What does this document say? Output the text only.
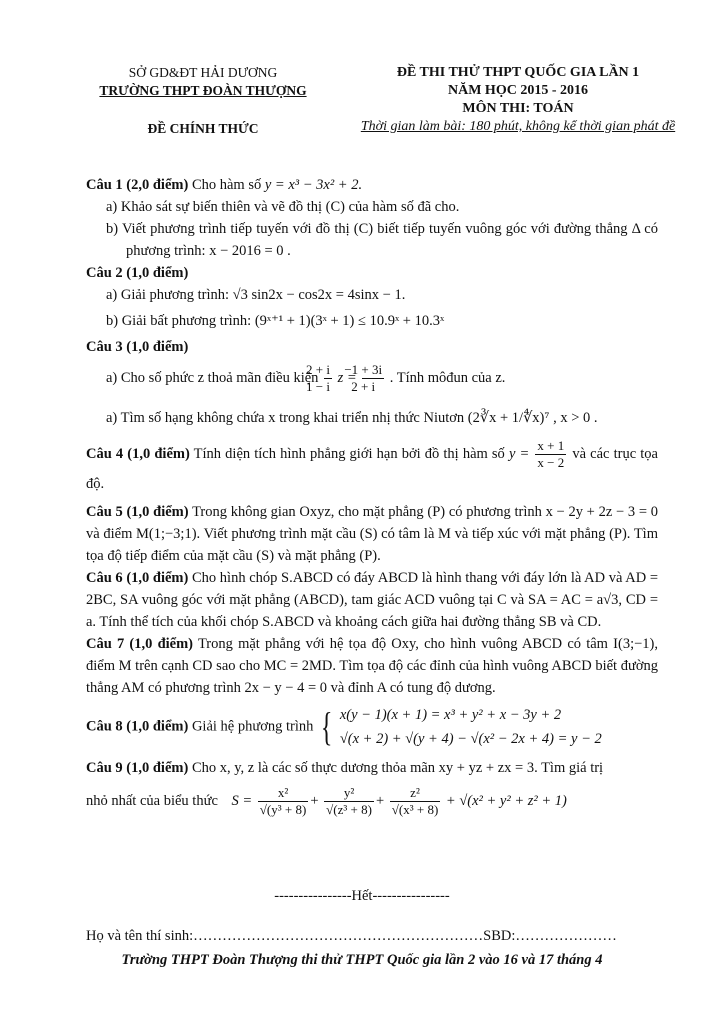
SỞ GD&ĐT HẢI DƯƠNG
TRƯỜNG THPT ĐOÀN THƯỢNG
ĐỀ CHÍNH THỨC
ĐỀ THI THỬ THPT QUỐC GIA LẦN 1
NĂM HỌC 2015 - 2016
MÔN THI: TOÁN
Thời gian làm bài: 180 phút, không kể thời gian phát đề
Câu 1 (2,0 điểm) Cho hàm số y = x³ − 3x² + 2.
a) Khảo sát sự biến thiên và vẽ đồ thị (C) của hàm số đã cho.
b) Viết phương trình tiếp tuyến với đồ thị (C) biết tiếp tuyến vuông góc với đường thẳng Δ có phương trình: x − 2016 = 0 .
Câu 2 (1,0 điểm)
a) Giải phương trình: √3 sin2x − cos2x = 4sinx − 1.
b) Giải bất phương trình: (9ˣ⁺¹ + 1)(3ˣ + 1) ≤ 10.9ˣ + 10.3ˣ
Câu 3 (1,0 điểm)
a) Cho số phức z thoả mãn điều kiện $\frac{2 + i}{1 - i}$ $z = \frac{-1 + 3i}{2 + i}$ . Tính môđun của z.
a) Tìm số hạng không chứa x trong khai triển nhị thức Niutơn (2∛x + 1/∜x)⁷ , x > 0 .
Câu 4 (1,0 điểm) Tính diện tích hình phẳng giới hạn bởi đồ thị hàm số $y = \frac{x + 1}{x - 2}$ và các trục tọa độ.
Câu 5 (1,0 điểm) Trong không gian Oxyz, cho mặt phẳng (P) có phương trình x − 2y + 2z − 3 = 0 và điểm M(1;−3;1). Viết phương trình mặt cầu (S) có tâm là M và tiếp xúc với mặt phẳng (P). Tìm tọa độ tiếp điểm của mặt cầu (S) và mặt phẳng (P).
Câu 6 (1,0 điểm) Cho hình chóp S.ABCD có đáy ABCD là hình thang với đáy lớn là AD và AD = 2BC, SA vuông góc với mặt phẳng (ABCD), tam giác ACD vuông tại C và SA = AC = a√3, CD = a. Tính thể tích của khối chóp S.ABCD và khoảng cách giữa hai đường thẳng SB và CD.
Câu 7 (1,0 điểm) Trong mặt phẳng với hệ tọa độ Oxy, cho hình vuông ABCD có tâm I(3;−1), điểm M trên cạnh CD sao cho MC = 2MD. Tìm tọa độ các đỉnh của hình vuông ABCD biết đường thẳng AM có phương trình 2x − y − 4 = 0 và đỉnh A có tung độ dương.
Câu 8 (1,0 điểm) Giải hệ phương trình { x(y − 1)(x + 1) = x³ + y² + x − 3y + 2
√(x + 2) + √(y + 4) − √(x² − 2x + 4) = y − 2
Câu 9 (1,0 điểm) Cho x, y, z là các số thực dương thỏa mãn xy + yz + zx = 3. Tìm giá trị
nhỏ nhất của biểu thức $S = \frac{\text{x²}}{\text{√(y³ + 8)}} + \frac{\text{y²}}{\text{√(z³ + 8)}} + \frac{\text{z²}}{\text{√(x³ + 8)}} + √(x^2 + y^2 + z^2 + 1)$
----------------Hết----------------
Họ và tên thí sinh:……………………………………………………SBD:…………………
Trường THPT Đoàn Thượng thi thử THPT Quốc gia lần 2 vào 16 và 17 tháng 4
